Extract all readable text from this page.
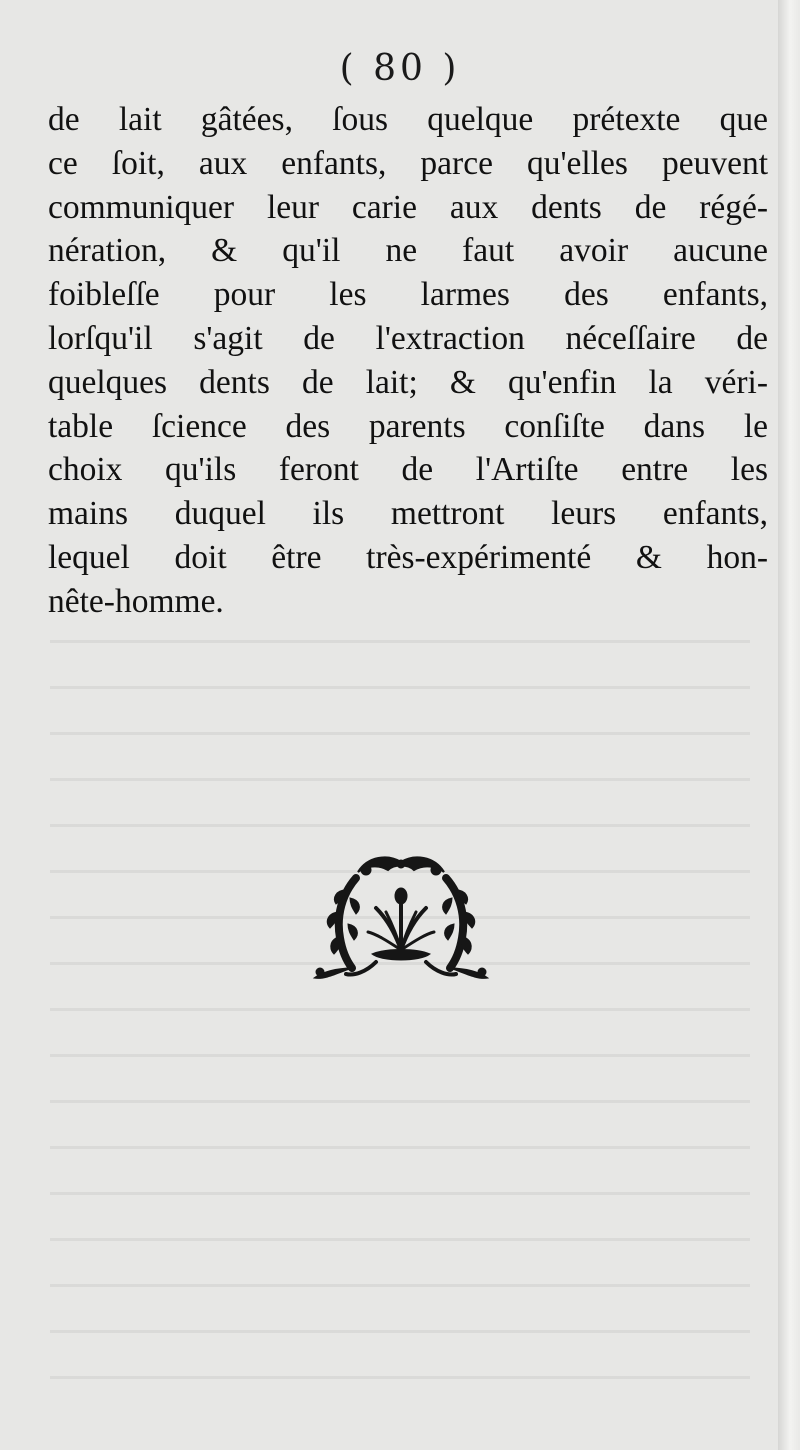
( 80 )
de lait gâtées, ſous quelque prétexte que
ce ſoit, aux enfants, parce qu'elles peuvent
communiquer leur carie aux dents de régé-
nération, & qu'il ne faut avoir aucune
foibleſſe pour les larmes des enfants,
lorſqu'il s'agit de l'extraction néceſſaire de
quelques dents de lait; & qu'enfin la véri-
table ſcience des parents conſiſte dans le
choix qu'ils feront de l'Artiſte entre les
mains duquel ils mettront leurs enfants,
lequel doit être très-expérimenté & hon-
nête-homme.
